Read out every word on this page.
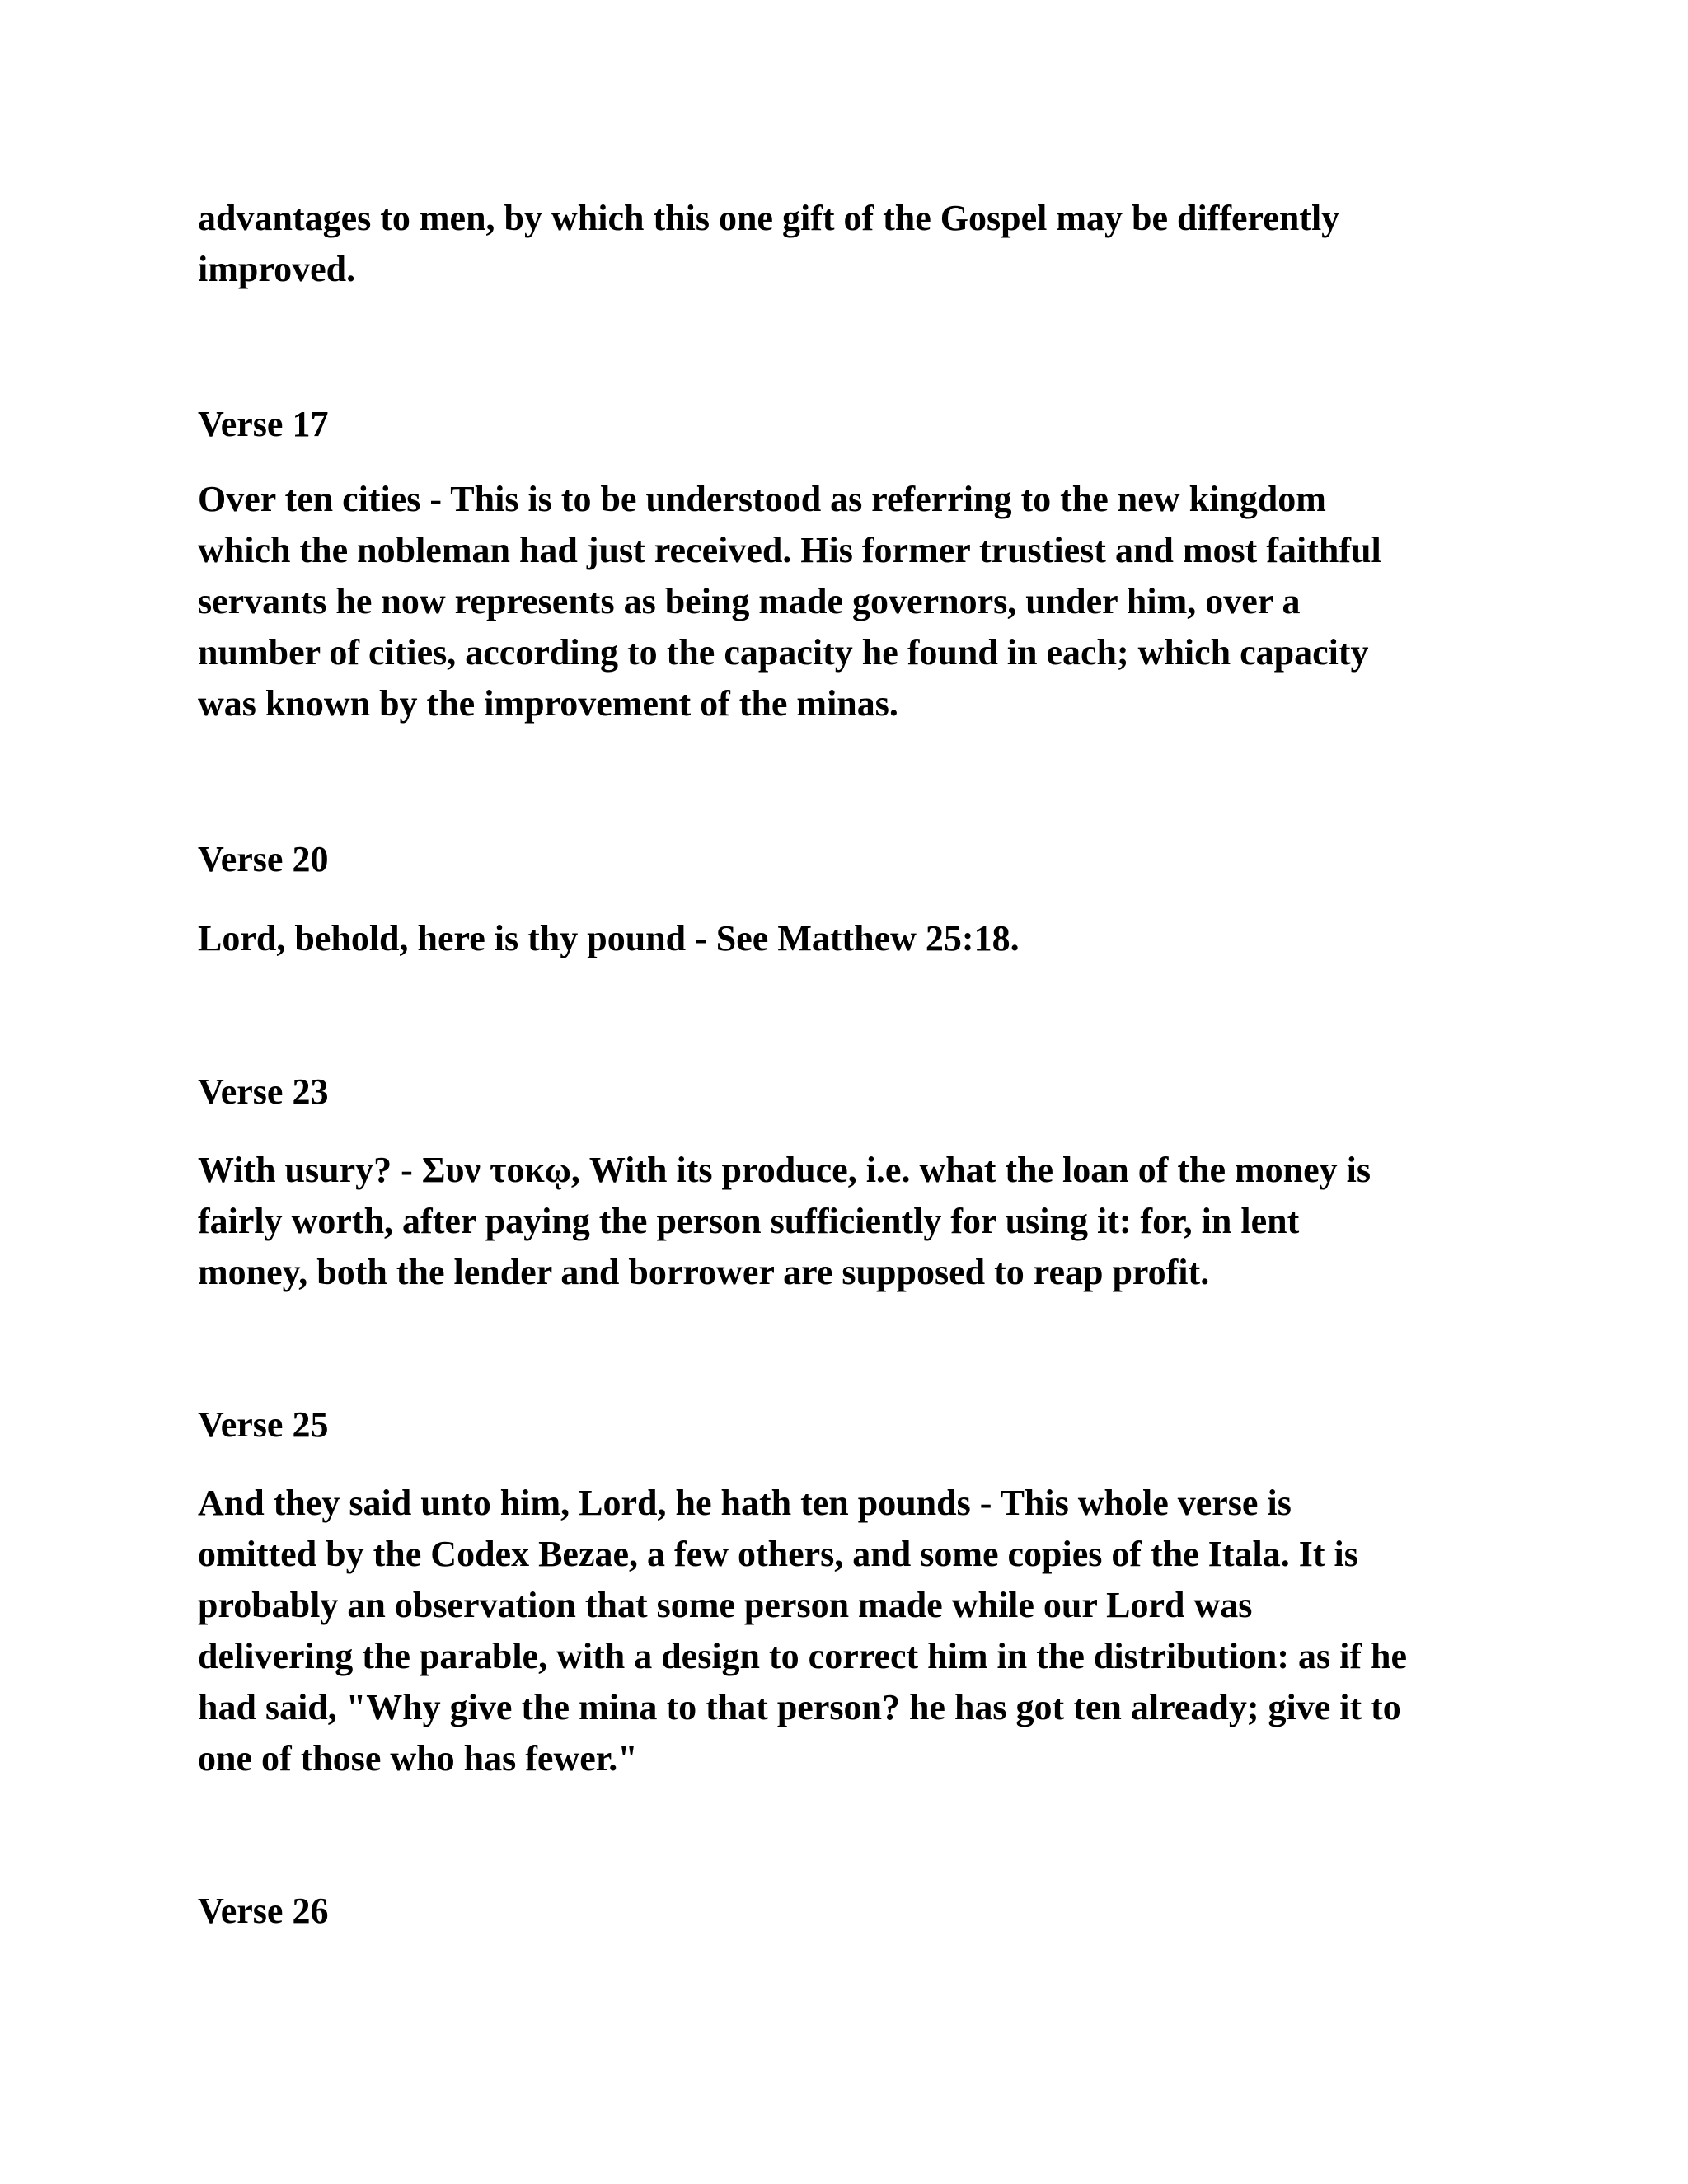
advantages to men, by which this one gift of the Gospel may be differently
improved.

Verse 17

Over ten cities - This is to be understood as referring to the new kingdom
which the nobleman had just received. His former trustiest and most faithful
servants he now represents as being made governors, under him, over a
number of cities, according to the capacity he found in each; which capacity
was known by the improvement of the minas.

Verse 20

Lord, behold, here is thy pound - See Matthew 25:18.

Verse 23

With usury? - Συν τοκῳ, With its produce, i.e. what the loan of the money is
fairly worth, after paying the person sufficiently for using it: for, in lent
money, both the lender and borrower are supposed to reap profit.

Verse 25

And they said unto him, Lord, he hath ten pounds - This whole verse is
omitted by the Codex Bezae, a few others, and some copies of the Itala. It is
probably an observation that some person made while our Lord was
delivering the parable, with a design to correct him in the distribution: as if he
had said, "Why give the mina to that person? he has got ten already; give it to
one of those who has fewer."

Verse 26
